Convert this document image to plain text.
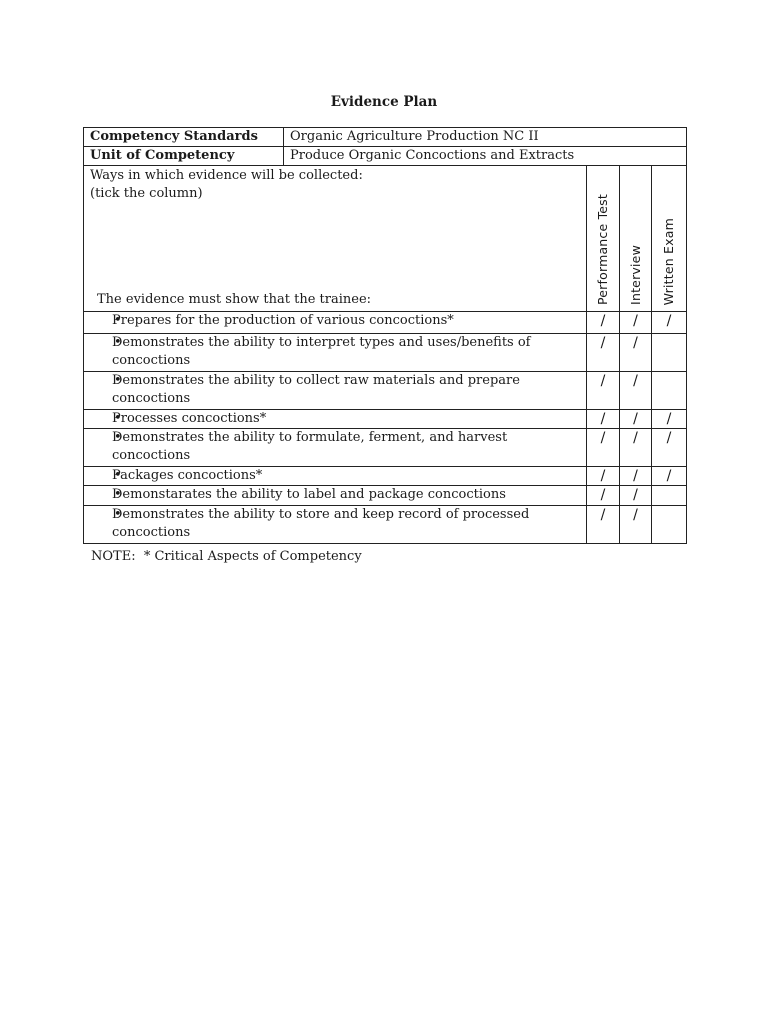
Evidence Plan
Competency Standards	Organic Agriculture Production NC II			
Unit of Competency	Produce Organic Concoctions and Extracts			

Ways in which evidence will be collected:
(tick the column)
The evidence must show that the trainee:		Performance Test	Interview	Written Exam

• Prepares for the production of various concoctions*		/	/	/

• Demonstrates the ability to interpret types and uses/benefits of concoctions		/	/	

• Demonstrates the ability to collect raw materials and prepare concoctions		/	/	

• Processes concoctions*		/	/	/

• Demonstrates the ability to formulate, ferment, and harvest concoctions		/	/	/

• Packages concoctions*		/	/	/

• Demonstarates the ability to label and package concoctions		/	/	

• Demonstrates the ability to store and keep record of processed concoctions		/	/	
NOTE:  * Critical Aspects of Competency
